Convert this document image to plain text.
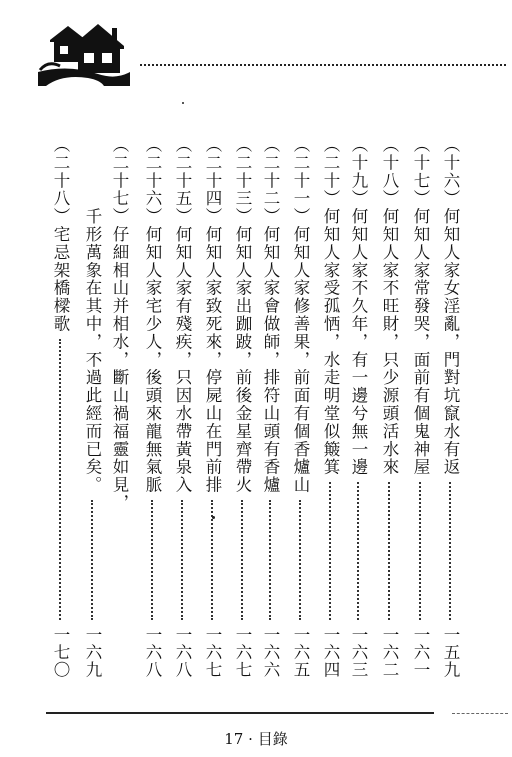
（十六）何知人家女淫亂，門對坑竄水有返
一五九
（十七）何知人家常發哭，面前有個鬼神屋
一六一
（十八）何知人家不旺財，只少源頭活水來
一六二
（十九）何知人家不久年，有一邊兮無一邊
一六三
（二十）何知人家受孤恓，水走明堂似簸箕
一六四
（二十一）何知人家修善果，前面有個香爐山
一六五
（二十二）何知人家會做師，排符山頭有香爐
一六六
（二十三）何知人家出跏跛，前後金星齊帶火
一六七
（二十四）何知人家致死來，停屍山在門前排
一六七
（二十五）何知人家有殘疾，只因水帶黃泉入
一六八
（二十六）何知人家宅少人，後頭來龍無氣脈
一六八
（二十七）仔細相山并相水，斷山禍福靈如見，
　　　　千形萬象在其中，不過此經而已矣。
一六九
（二十八）宅忌架橋樑歌
一七〇
17 · 目錄
